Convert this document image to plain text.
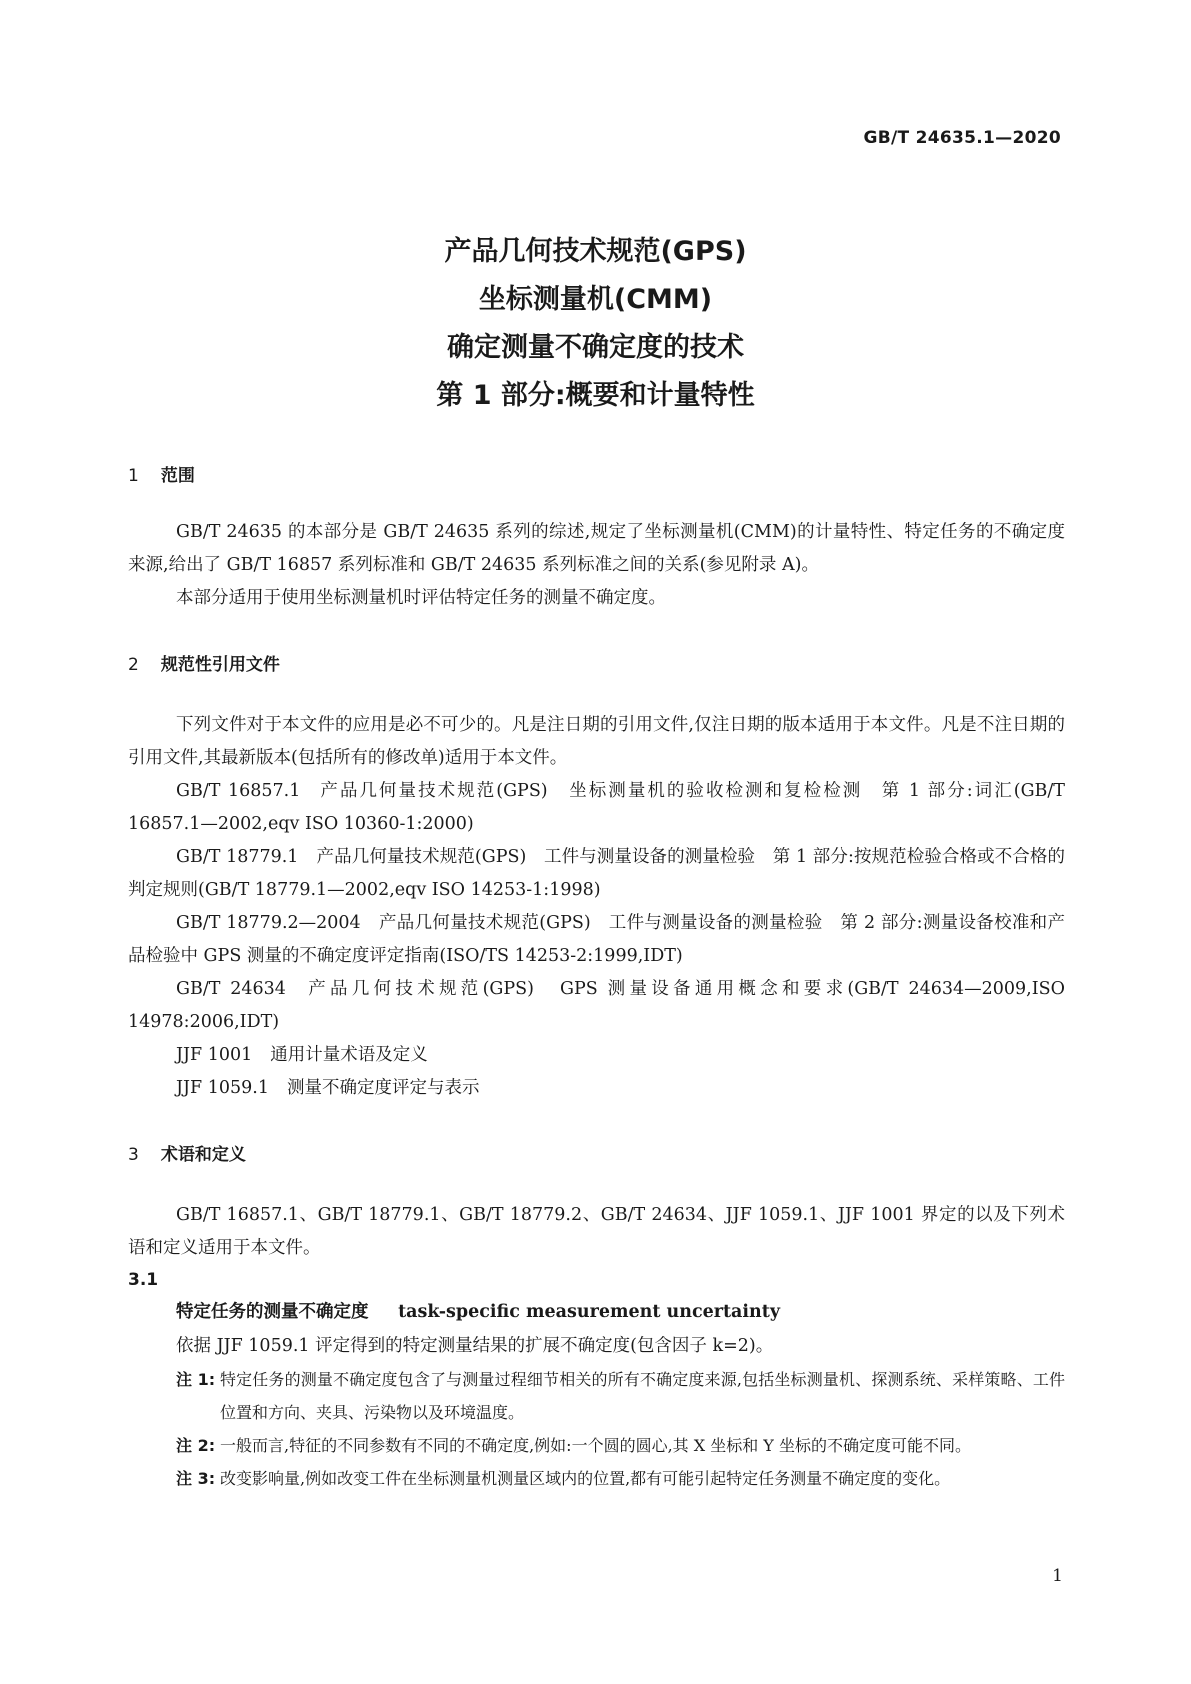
GB/T 24635.1—2020
产品几何技术规范(GPS)
坐标测量机(CMM)
确定测量不确定度的技术
第 1 部分:概要和计量特性
1 范围

GB/T 24635 的本部分是 GB/T 24635 系列的综述,规定了坐标测量机(CMM)的计量特性、特定任务的不确定度来源,给出了 GB/T 16857 系列标准和 GB/T 24635 系列标准之间的关系(参见附录 A)。

本部分适用于使用坐标测量机时评估特定任务的测量不确定度。

2 规范性引用文件

下列文件对于本文件的应用是必不可少的。凡是注日期的引用文件,仅注日期的版本适用于本文件。凡是不注日期的引用文件,其最新版本(包括所有的修改单)适用于本文件。

GB/T 16857.1 产品几何量技术规范(GPS)　坐标测量机的验收检测和复检检测　第 1 部分:词汇(GB/T 16857.1—2002,eqv ISO 10360-1:2000)

GB/T 18779.1 产品几何量技术规范(GPS)　工件与测量设备的测量检验　第 1 部分:按规范检验合格或不合格的判定规则(GB/T 18779.1—2002,eqv ISO 14253-1:1998)

GB/T 18779.2—2004 产品几何量技术规范(GPS)　工件与测量设备的测量检验　第 2 部分:测量设备校准和产品检验中 GPS 测量的不确定度评定指南(ISO/TS 14253-2:1999,IDT)

GB/T 24634 产品几何技术规范(GPS)　GPS 测量设备通用概念和要求(GB/T 24634—2009,ISO 14978:2006,IDT)

JJF 1001 通用计量术语及定义

JJF 1059.1 测量不确定度评定与表示

3 术语和定义

GB/T 16857.1、GB/T 18779.1、GB/T 18779.2、GB/T 24634、JJF 1059.1、JJF 1001 界定的以及下列术语和定义适用于本文件。

3.1
特定任务的测量不确定度 task-specific measurement uncertainty
依据 JJF 1059.1 评定得到的特定测量结果的扩展不确定度(包含因子 k=2)。
注 1: 特定任务的测量不确定度包含了与测量过程细节相关的所有不确定度来源,包括坐标测量机、探测系统、采样策略、工件位置和方向、夹具、污染物以及环境温度。
注 2: 一般而言,特征的不同参数有不同的不确定度,例如:一个圆的圆心,其 X 坐标和 Y 坐标的不确定度可能不同。
注 3: 改变影响量,例如改变工件在坐标测量机测量区域内的位置,都有可能引起特定任务测量不确定度的变化。
1
